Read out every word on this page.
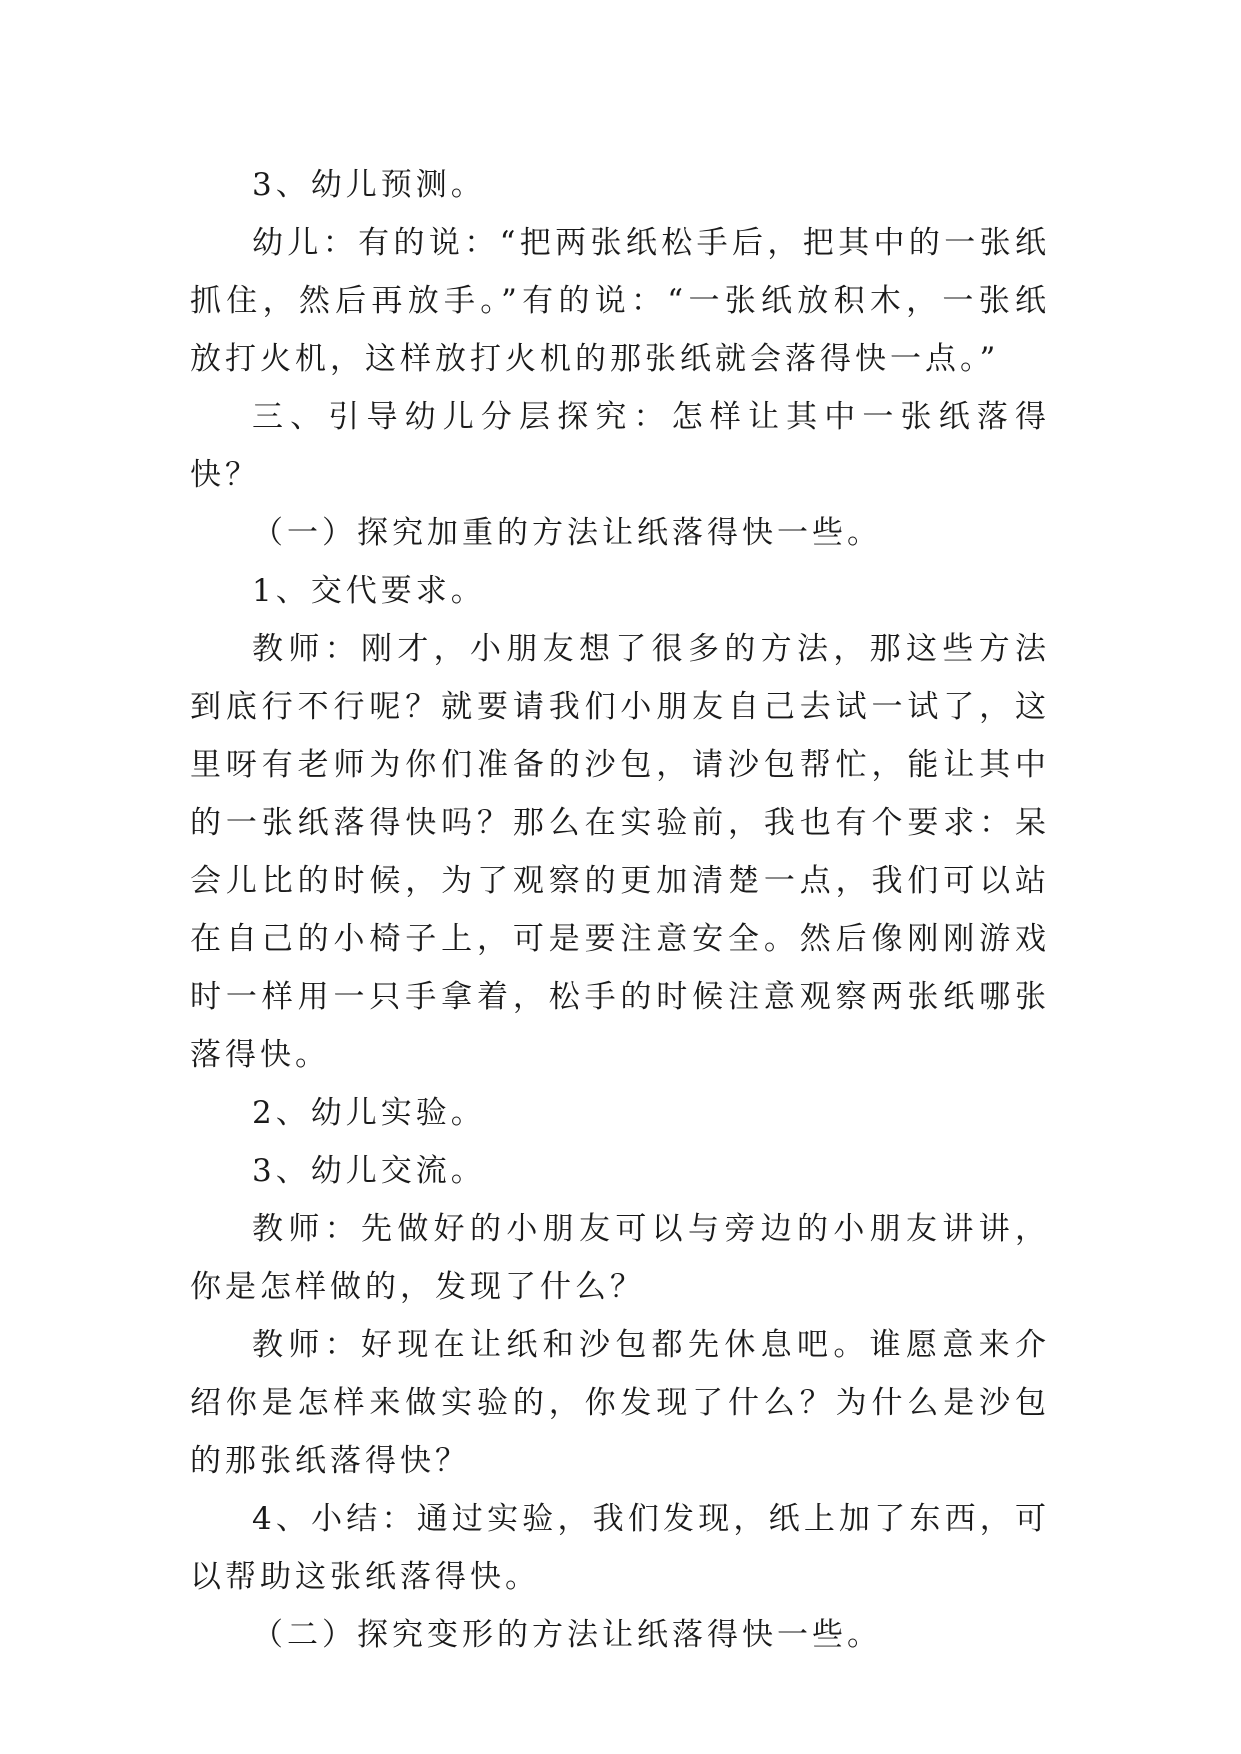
3、幼儿预测。

幼儿：有的说：“把两张纸松手后，把其中的一张纸抓住，然后再放手。”有的说：“一张纸放积木，一张纸放打火机，这样放打火机的那张纸就会落得快一点。”

三、引导幼儿分层探究：怎样让其中一张纸落得快？

（一）探究加重的方法让纸落得快一些。

1、交代要求。

教师：刚才，小朋友想了很多的方法，那这些方法到底行不行呢？就要请我们小朋友自己去试一试了，这里呀有老师为你们准备的沙包，请沙包帮忙，能让其中的一张纸落得快吗？那么在实验前，我也有个要求：呆会儿比的时候，为了观察的更加清楚一点，我们可以站在自己的小椅子上，可是要注意安全。然后像刚刚游戏时一样用一只手拿着，松手的时候注意观察两张纸哪张落得快。

2、幼儿实验。

3、幼儿交流。

教师：先做好的小朋友可以与旁边的小朋友讲讲，你是怎样做的，发现了什么？

教师：好现在让纸和沙包都先休息吧。谁愿意来介绍你是怎样来做实验的，你发现了什么？为什么是沙包的那张纸落得快？

4、小结：通过实验，我们发现，纸上加了东西，可以帮助这张纸落得快。

（二）探究变形的方法让纸落得快一些。
